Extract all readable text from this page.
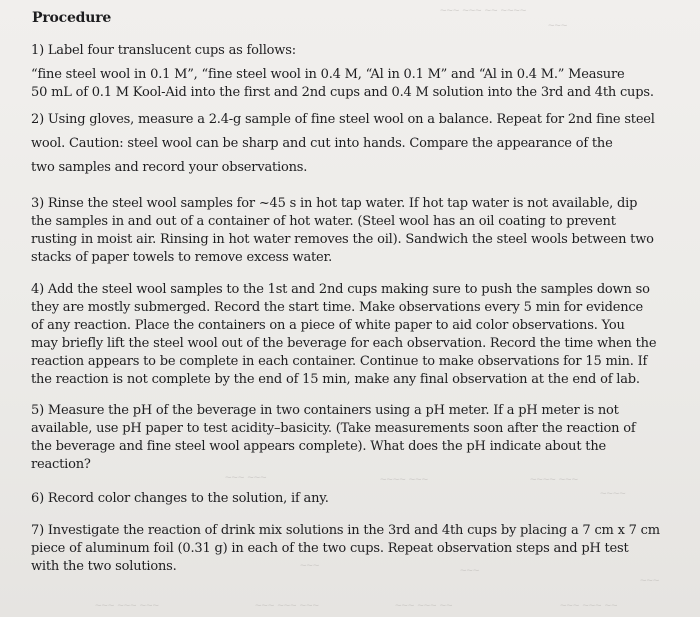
~~~ ~~~ ~~ ~~~~
~~~
~~~ ~~~	~~~~ ~~~	~~~~ ~~~
~~~~
~~~	~~~
~~~
~~~ ~~~ ~~~	~~~ ~~~ ~~~	~~~ ~~~ ~~	~~~ ~~~ ~~
Procedure
1) Label four translucent cups as follows:
“fine steel wool in 0.1 M”, “fine steel wool in 0.4 M, “Al in 0.1 M” and “Al in 0.4 M.” Measure
50 mL of 0.1 M Kool-Aid into the first and 2nd cups and 0.4 M solution into the 3rd and 4th cups.
2) Using gloves, measure a 2.4-g sample of fine steel wool on a balance. Repeat for 2nd fine steel
wool. Caution: steel wool can be sharp and cut into hands. Compare the appearance of the
two samples and record your observations.
3) Rinse the steel wool samples for ~45 s in hot tap water. If hot tap water is not available, dip
the samples in and out of a container of hot water. (Steel wool has an oil coating to prevent
rusting in moist air. Rinsing in hot water removes the oil). Sandwich the steel wools between two
stacks of paper towels to remove excess water.
4) Add the steel wool samples to the 1st and 2nd cups making sure to push the samples down so
they are mostly submerged. Record the start time. Make observations every 5 min for evidence
of any reaction. Place the containers on a piece of white paper to aid color observations. You
may briefly lift the steel wool out of the beverage for each observation. Record the time when the
reaction appears to be complete in each container. Continue to make observations for 15 min. If
the reaction is not complete by the end of 15 min, make any final observation at the end of lab.
5) Measure the pH of the beverage in two containers using a pH meter. If a pH meter is not
available, use pH paper to test acidity–basicity. (Take measurements soon after the reaction of
the beverage and fine steel wool appears complete). What does the pH indicate about the
reaction?
6) Record color changes to the solution, if any.
7) Investigate the reaction of drink mix solutions in the 3rd and 4th cups by placing a 7 cm x 7 cm
piece of aluminum foil (0.31 g) in each of the two cups. Repeat observation steps and pH test
with the two solutions.
